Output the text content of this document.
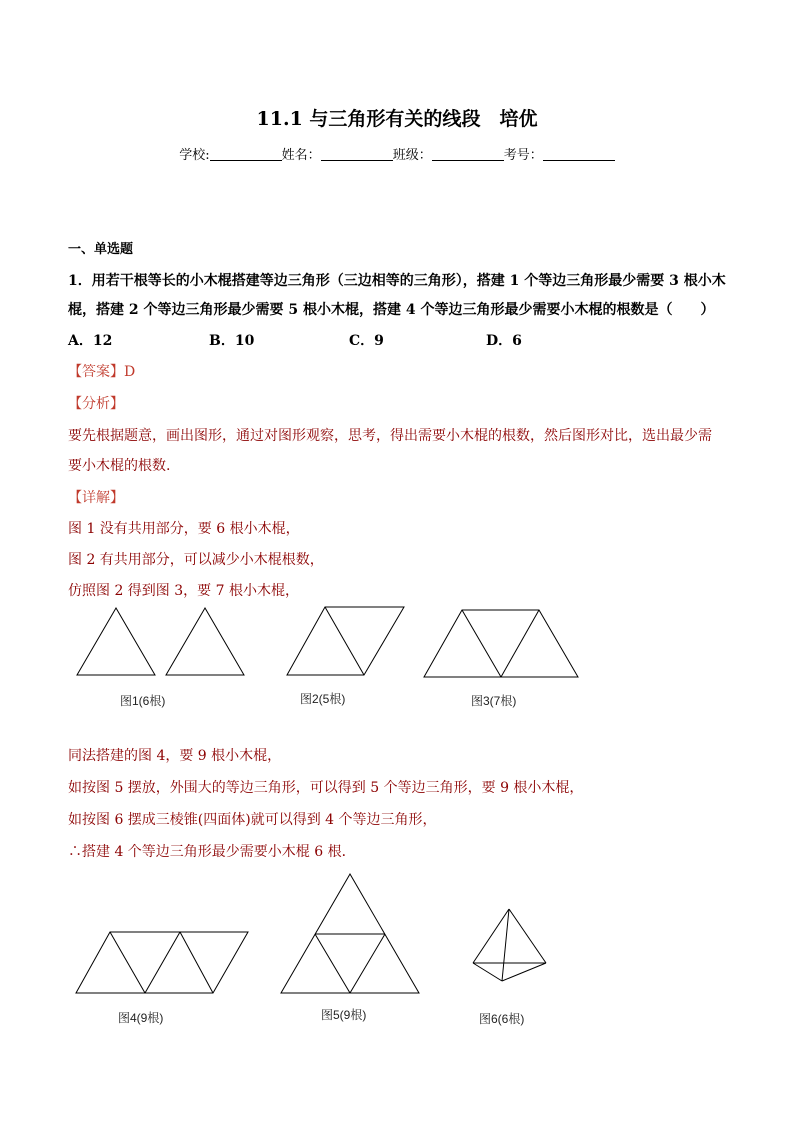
11.1 与三角形有关的线段　培优
学校:	姓名：	班级：	考号：
一、单选题
1．用若干根等长的小木棍搭建等边三角形（三边相等的三角形），搭建 1 个等边三角形最少需要 3 根小木
棍，搭建 2 个等边三角形最少需要 5 根小木棍，搭建 4 个等边三角形最少需要小木棍的根数是（　　）
A．12	B．10	C．9	D．6
【答案】D
【分析】
要先根据题意，画出图形，通过对图形观察，思考，得出需要小木棍的根数，然后图形对比，选出最少需
要小木棍的根数.
【详解】
图 1 没有共用部分，要 6 根小木棍，
图 2 有共用部分，可以减少小木棍根数，
仿照图 2 得到图 3，要 7 根小木棍，
同法搭建的图 4，要 9 根小木棍，
如按图 5 摆放，外围大的等边三角形，可以得到 5 个等边三角形，要 9 根小木棍，
如按图 6 摆成三棱锥(四面体)就可以得到 4 个等边三角形，
∴搭建 4 个等边三角形最少需要小木棍 6 根．
图1(6根)	图2(5根)	图3(7根)
图4(9根)	图5(9根)	图6(6根)
